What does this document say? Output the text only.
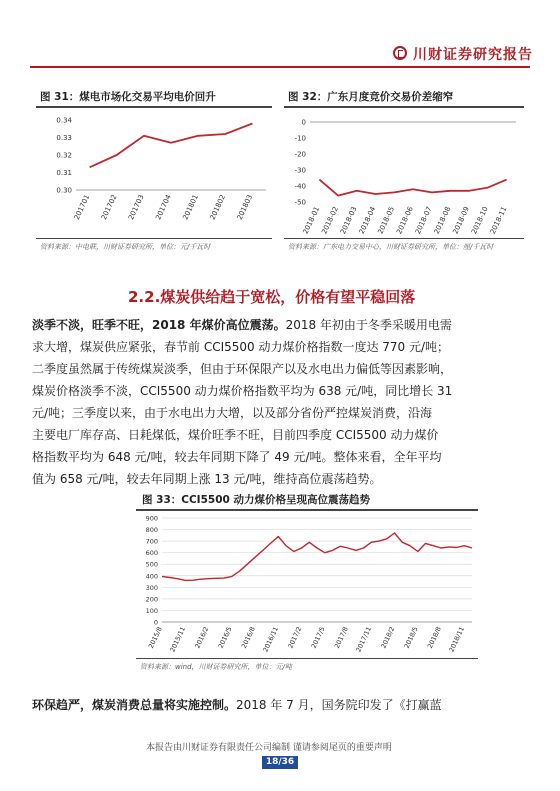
川财证券研究报告
图 31：煤电市场化交易平均电价回升
0.30
0.31
0.32
0.33
0.34
201701 201702 201703 201704 201801 201802 201803
资料来源：中电联，川财证券研究所，单位：元/千瓦时
图 32：广东月度竞价交易价差缩窄
0
-10
-20
-30
-40
-50
2018-01 2018-02 2018-03 2018-04 2018-05 2018-06 2018-07 2018-08 2018-09 2018-10 2018-11
资料来源：广东电力交易中心，川财证券研究所，单位：厘/千瓦时
2.2.煤炭供给趋于宽松，价格有望平稳回落
淡季不淡，旺季不旺，2018 年煤价高位震荡。2018 年初由于冬季采暖用电需
求大增，煤炭供应紧张，春节前 CCI5500 动力煤价格指数一度达 770 元/吨；
二季度虽然属于传统煤炭淡季，但由于环保限产以及水电出力偏低等因素影响，
煤炭价格淡季不淡，CCI5500 动力煤价格指数平均为 638 元/吨，同比增长 31
元/吨；三季度以来，由于水电出力大增，以及部分省份严控煤炭消费，沿海
主要电厂库存高、日耗煤低，煤价旺季不旺，目前四季度 CCI5500 动力煤价
格指数平均为 648 元/吨，较去年同期下降了 49 元/吨。整体来看，全年平均
值为 658 元/吨，较去年同期上涨 13 元/吨，维持高位震荡趋势。
图 33：CCI5500 动力煤价格呈现高位震荡趋势
0
100
200
300
400
500
600
700
800
900
2015/8 2015/11 2016/2 2016/5 2016/8 2016/11 2017/2 2017/5 2017/8 2017/11 2018/2 2018/5 2018/8 2018/11
资料来源：wind，川财证券研究所，单位：元/吨
环保趋严，煤炭消费总量将实施控制。2018 年 7 月，国务院印发了《打赢蓝
本报告由川财证券有限责任公司编制 谨请参阅尾页的重要声明
18/36
